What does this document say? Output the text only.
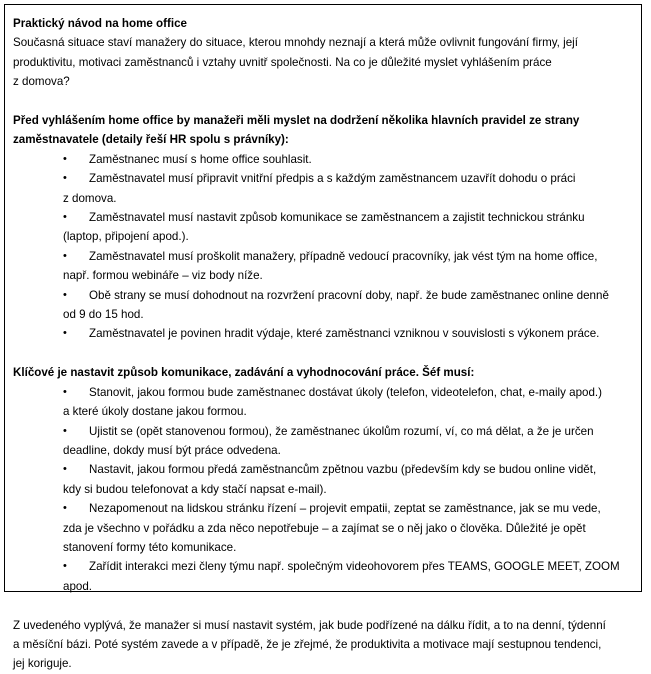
Praktický návod na home office
Současná situace staví manažery do situace, kterou mnohdy neznají a která může ovlivnit fungování firmy, její
produktivitu, motivaci zaměstnanců i vztahy uvnitř společnosti. Na co je důležité myslet vyhlášením práce
z domova?
Před vyhlášením home office by manažeři měli myslet na dodržení několika hlavních pravidel ze strany
zaměstnavatele (detaily řeší HR spolu s právníky):
•	Zaměstnanec musí s home office souhlasit.
•	Zaměstnavatel musí připravit vnitřní předpis a s každým zaměstnancem uzavřít dohodu o práci
z domova.
•	Zaměstnavatel musí nastavit způsob komunikace se zaměstnancem a zajistit technickou stránku
(laptop, připojení apod.).
•	Zaměstnavatel musí proškolit manažery, případně vedoucí pracovníky, jak vést tým na home office,
např. formou webináře – viz body níže.
•	Obě strany se musí dohodnout na rozvržení pracovní doby, např. že bude zaměstnanec online denně
od 9 do 15 hod.
•	Zaměstnavatel je povinen hradit výdaje, které zaměstnanci vzniknou v souvislosti s výkonem práce.
Klíčové je nastavit způsob komunikace, zadávání a vyhodnocování práce. Šéf musí:
•	Stanovit, jakou formou bude zaměstnanec dostávat úkoly (telefon, videotelefon, chat, e-maily apod.)
a které úkoly dostane jakou formou.
•	Ujistit se (opět stanovenou formou), že zaměstnanec úkolům rozumí, ví, co má dělat, a že je určen
deadline, dokdy musí být práce odvedena.
•	Nastavit, jakou formou předá zaměstnancům zpětnou vazbu (především kdy se budou online vidět,
kdy si budou telefonovat a kdy stačí napsat e-mail).
•	Nezapomenout na lidskou stránku řízení – projevit empatii, zeptat se zaměstnance, jak se mu vede,
zda je všechno v pořádku a zda něco nepotřebuje – a zajímat se o něj jako o člověka. Důležité je opět
stanovení formy této komunikace.
•	Zařídit interakci mezi členy týmu např. společným videohovorem přes TEAMS, GOOGLE MEET, ZOOM
apod.
Z uvedeného vyplývá, že manažer si musí nastavit systém, jak bude podřízené na dálku řídit, a to na denní, týdenní
a měsíční bázi. Poté systém zavede a v případě, že je zřejmé, že produktivita a motivace mají sestupnou tendenci,
jej koriguje.
